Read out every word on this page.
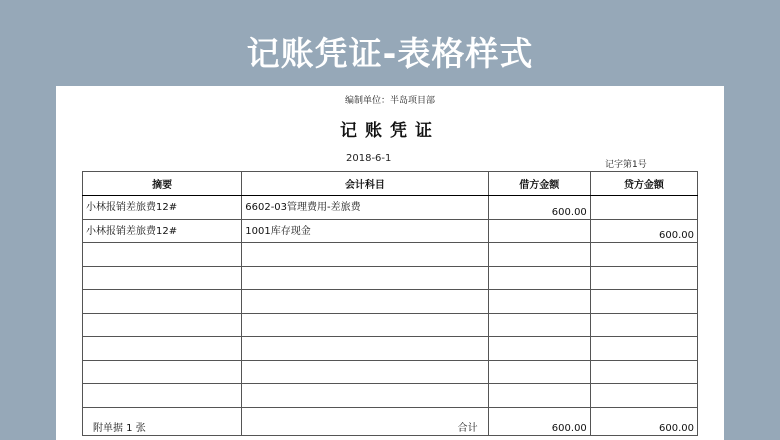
记账凭证-表格样式
编制单位：半岛项目部
记账凭证
2018-6-1
记字第1号
摘要	会计科目	借方金额	贷方金额
小林报销差旅费12#	6602-03管理费用-差旅费	600.00	
小林报销差旅费12#	1001库存现金		600.00

附单据 1 张	合计	600.00	600.00
